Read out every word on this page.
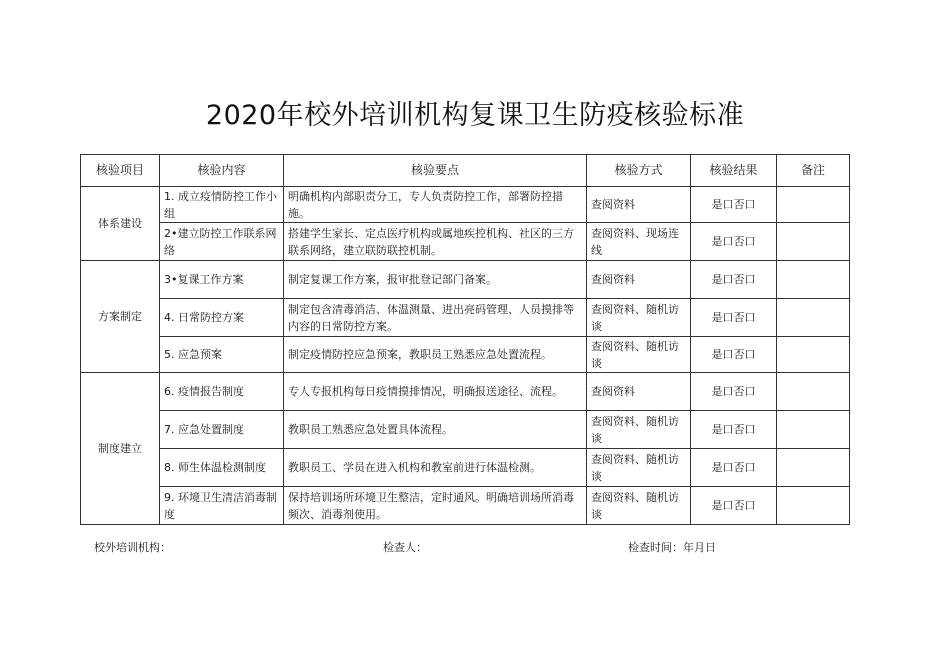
2020年校外培训机构复课卫生防疫核验标准
核验项目	核验内容	核验要点	核验方式	核验结果	备注
体系建设	1. 成立疫情防控工作小组	明确机构内部职责分工，专人负责防控工作，部署防控措施。	查阅资料	是口否口	
	2•建立防控工作联系网络	搭建学生家长、定点医疗机构或属地疾控机构、社区的三方联系网络，建立联防联控机制。	查阅资料、现场连线	是口否口	
方案制定	3•复课工作方案	制定复课工作方案，报审批登记部门备案。	查阅资料	是口否口	
	4. 日常防控方案	制定包含清毒消洁、体温测量、进出亮码管理、人员摸排等内容的日常防控方案。	查阅资料、随机访谈	是口否口	
	5. 应急预案	制定疫情防控应急预案，教职员工熟悉应急处置流程。	查阅资料、随机访谈	是口否口	
制度建立	6. 疫情报告制度	专人专报机构每日疫情摸排情况，明确报送途径、流程。	查阅资料	是口否口	
	7. 应急处置制度	教职员工熟悉应急处置具体流程。	查阅资料、随机访谈	是口否口	
	8. 师生体温检测制度	教职员工、学员在进入机构和教室前进行体温检测。	查阅资料、随机访谈	是口否口	
	9. 环境卫生清洁消毒制度	保持培训场所环境卫生整洁，定时通风。明确培训场所消毒频次、消毒剂使用。	查阅资料、随机访谈	是口否口	
校外培训机构：	检查人：	检查时间：年月日
